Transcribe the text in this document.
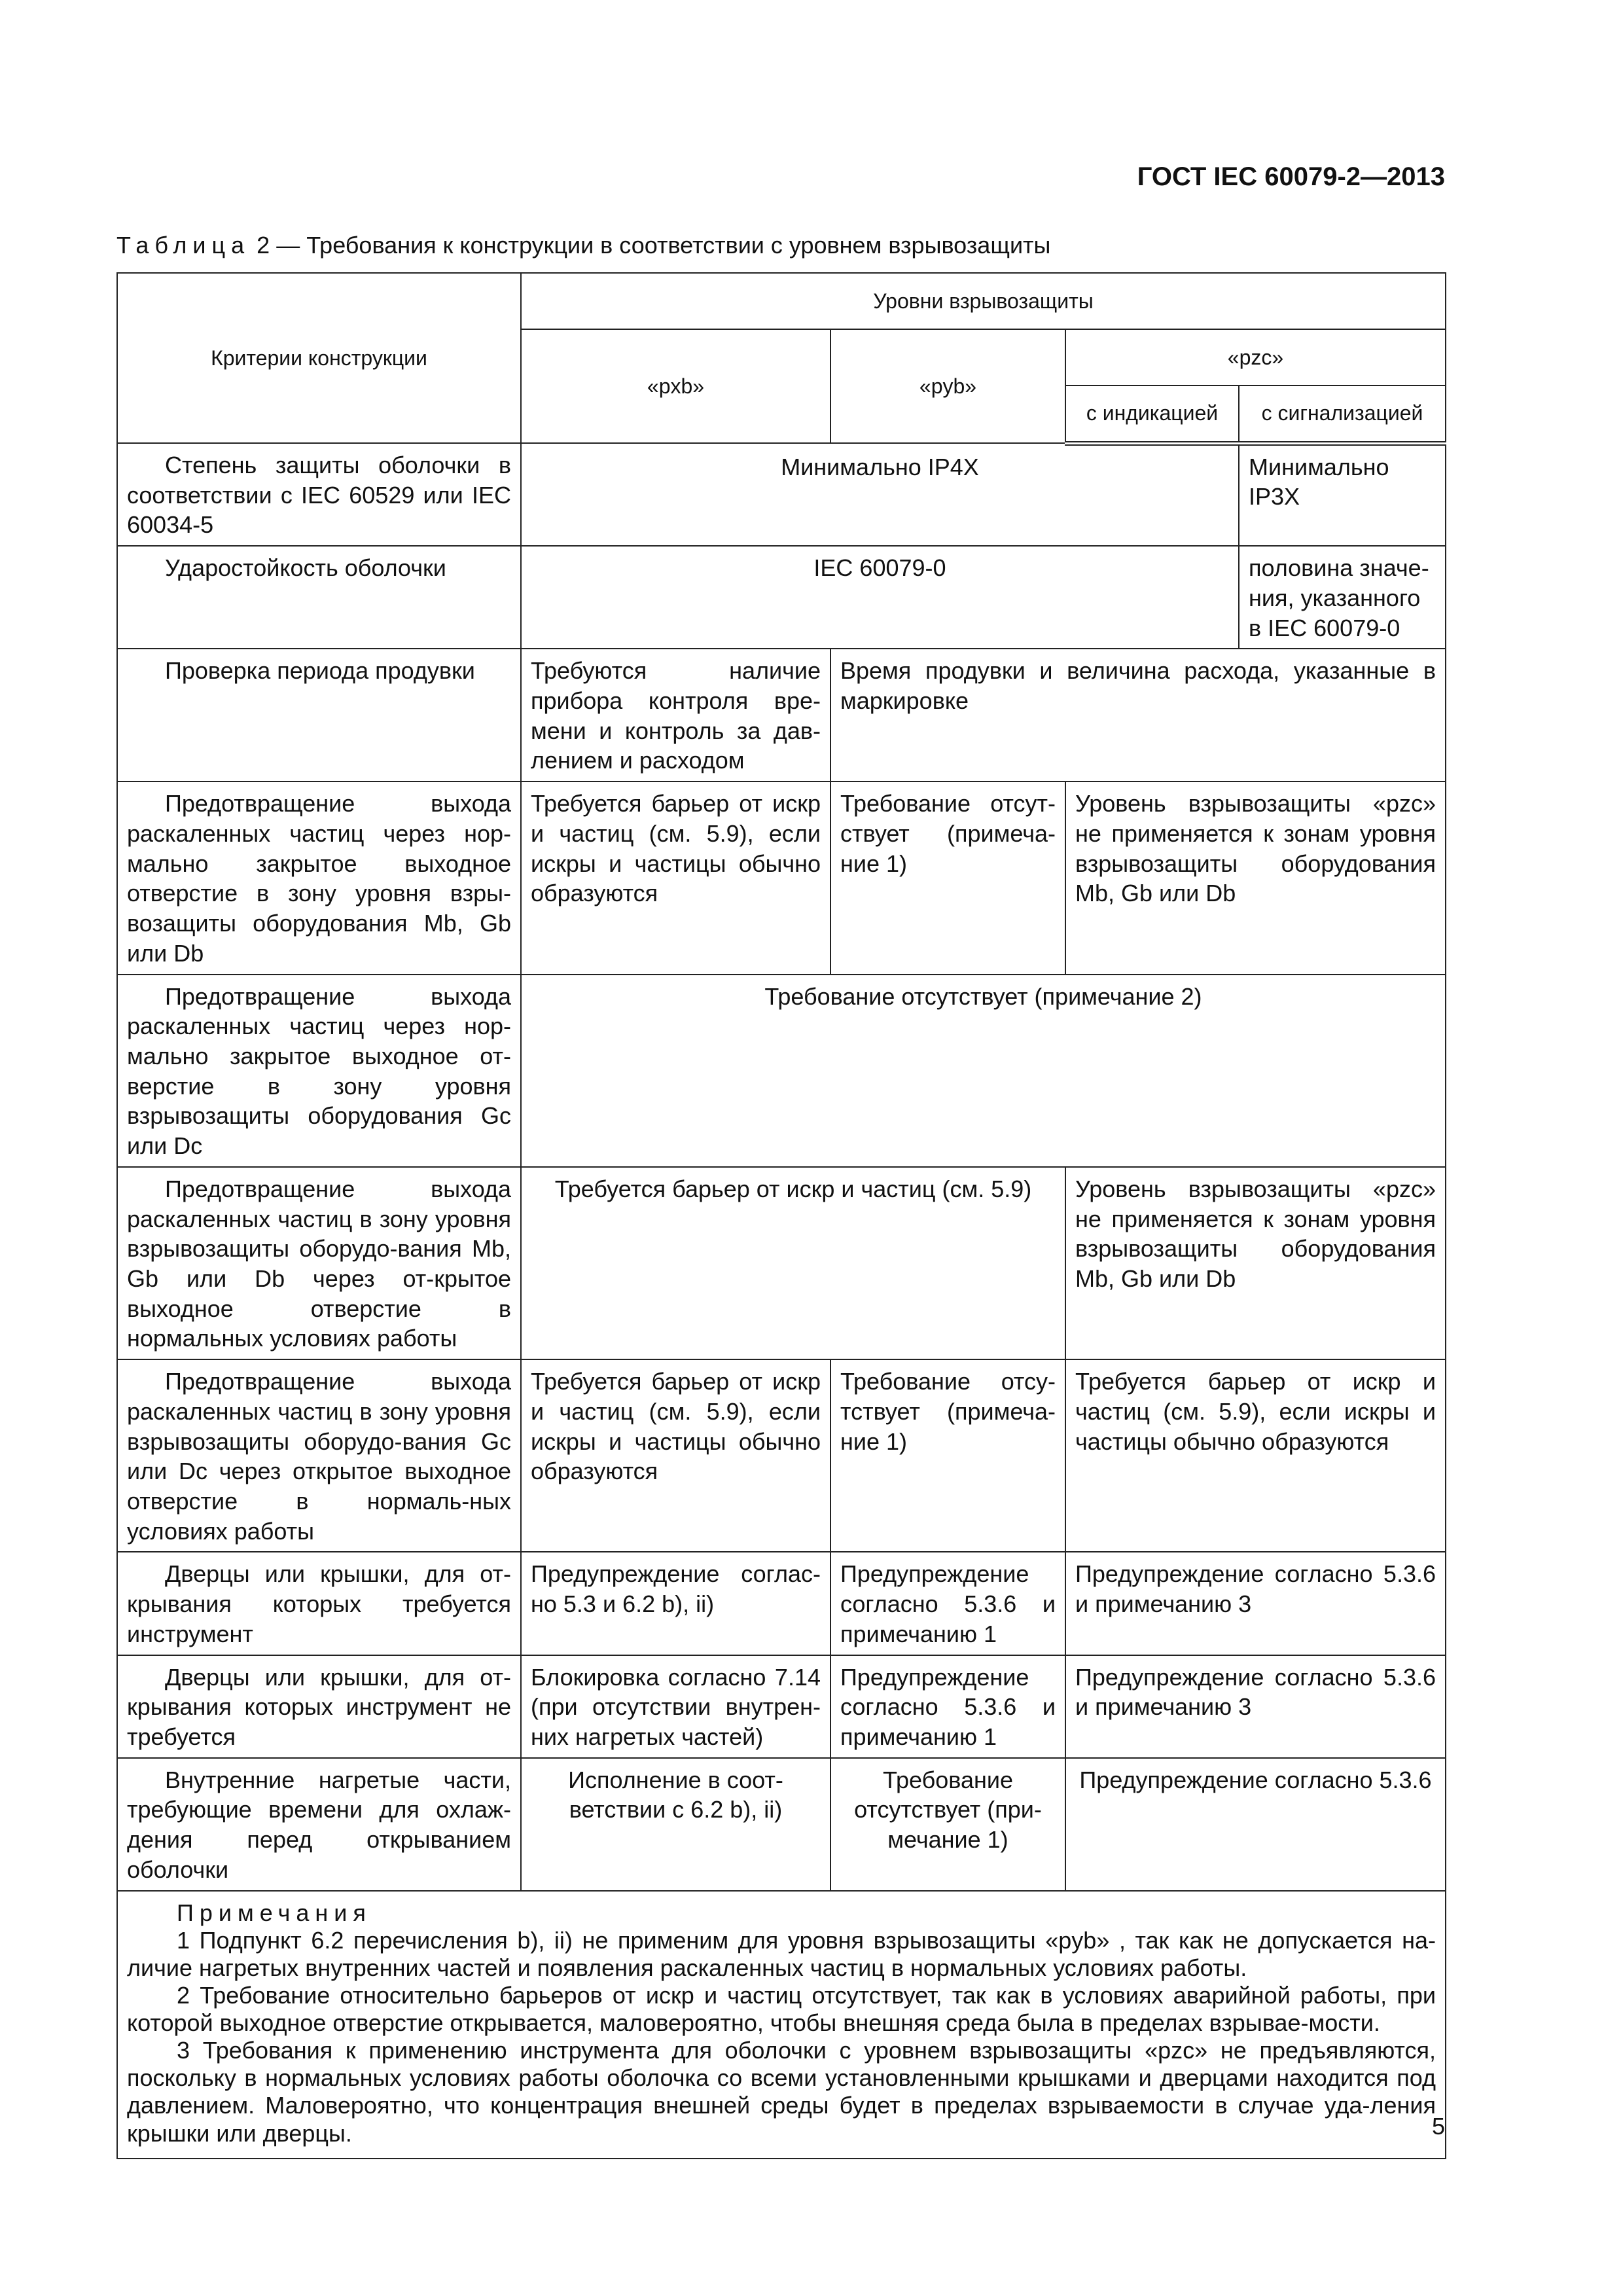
ГОСТ IEC 60079-2—2013
Таблица 2 — Требования к конструкции в соответствии с уровнем взрывозащиты
Критерии конструкции	Уровни взрывозащиты			
	«pxb»	«pyb»	«pzc»	
			с индикацией	с сигнализацией
Степень защиты оболочки в соответствии с IEC 60529 или IEC 60034-5	Минимально IP4X			Минимально IP3X
Ударостойкость оболочки	IEC 60079-0			половина значе-ния, указанного в IEC 60079-0
Проверка периода продувки	Требуются наличие прибора контроля вре-мени и контроль за дав-лением и расходом	Время продувки и величина расхода, указанные в маркировке		
Предотвращение выхода раскаленных частиц через нор-мально закрытое выходное отверстие в зону уровня взры-возащиты оборудования Mb, Gb или Db	Требуется барьер от искр и частиц (см. 5.9), если искры и частицы обычно образуются	Требование отсут-ствует (примеча-ние 1)	Уровень взрывозащиты «pzc» не применяется к зонам уровня взрывозащиты оборудования Mb, Gb или Db	
Предотвращение выхода раскаленных частиц через нор-мально закрытое выходное от-верстие в зону уровня взрывозащиты оборудования Gc или Dc	Требование отсутствует (примечание 2)			
Предотвращение выхода раскаленных частиц в зону уровня взрывозащиты оборудо-вания Mb, Gb или Db через от-крытое выходное отверстие в нормальных условиях работы	Требуется барьер от искр и частиц (см. 5.9)		Уровень взрывозащиты «pzc» не применяется к зонам уровня взрывозащиты оборудования Mb, Gb или Db	
Предотвращение выхода раскаленных частиц в зону уровня взрывозащиты оборудо-вания Gc или Dc через открытое выходное отверстие в нормаль-ных условиях работы	Требуется барьер от искр и частиц (см. 5.9), если искры и частицы обычно образуются	Требование отсу-тствует (примеча-ние 1)	Требуется барьер от искр и частиц (см. 5.9), если искры и частицы обычно образуются	
Дверцы или крышки, для от-крывания которых требуется инструмент	Предупреждение соглас-но 5.3 и 6.2 b), ii)	Предупреждение согласно 5.3.6 и примечанию 1	Предупреждение согласно 5.3.6 и примечанию 3	
Дверцы или крышки, для от-крывания которых инструмент не требуется	Блокировка согласно 7.14 (при отсутствии внутрен-них нагретых частей)	Предупреждение согласно 5.3.6 и примечанию 1	Предупреждение согласно 5.3.6 и примечанию 3	
Внутренние нагретые части, требующие времени для охлаж-дения перед открыванием оболочки	Исполнение в соот-ветствии с 6.2 b), ii)	Требование отсутствует (при-мечание 1)	Предупреждение согласно 5.3.6	

Примечания
1 Подпункт 6.2 перечисления b), ii) не применим для уровня взрывозащиты «pyb» , так как не допускается на-личие нагретых внутренних частей и появления раскаленных частиц в нормальных условиях работы.
2 Требование относительно барьеров от искр и частиц отсутствует, так как в условиях аварийной работы, при которой выходное отверстие открывается, маловероятно, чтобы внешняя среда была в пределах взрывае-мости.
3 Требования к применению инструмента для оболочки с уровнем взрывозащиты «pzc» не предъявляются, поскольку в нормальных условиях работы оболочка со всеми установленными крышками и дверцами находится под давлением. Маловероятно, что концентрация внешней среды будет в пределах взрываемости в случае уда-ления крышки или дверцы.					5
